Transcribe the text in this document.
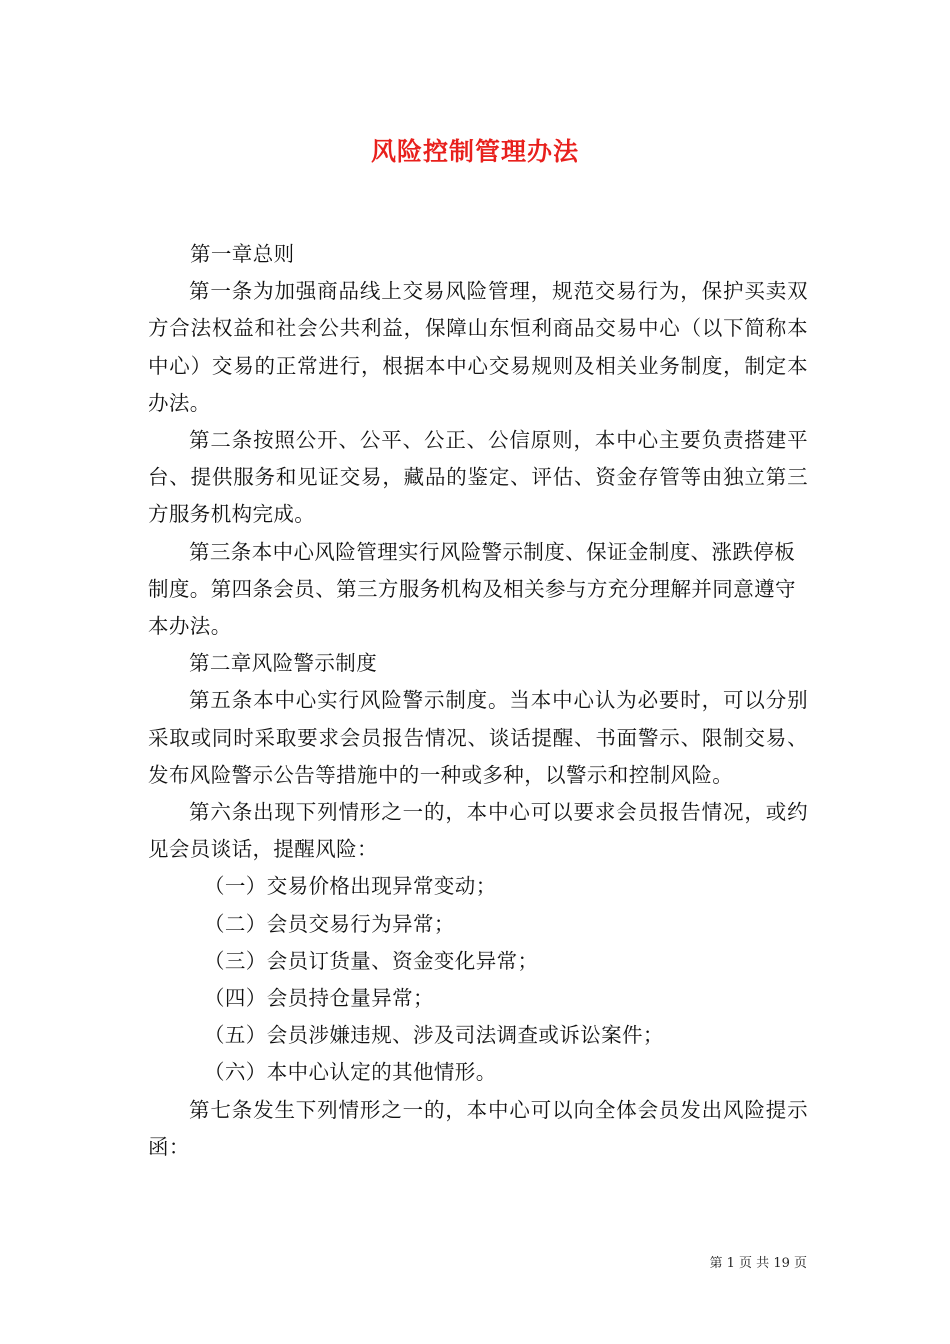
风险控制管理办法

第一章总则

第一条为加强商品线上交易风险管理，规范交易行为，保护买卖双方合法权益和社会公共利益，保障山东恒利商品交易中心（以下简称本中心）交易的正常进行，根据本中心交易规则及相关业务制度，制定本办法。

第二条按照公开、公平、公正、公信原则，本中心主要负责搭建平台、提供服务和见证交易，藏品的鉴定、评估、资金存管等由独立第三方服务机构完成。

第三条本中心风险管理实行风险警示制度、保证金制度、涨跌停板制度。第四条会员、第三方服务机构及相关参与方充分理解并同意遵守本办法。

第二章风险警示制度

第五条本中心实行风险警示制度。当本中心认为必要时，可以分别采取或同时采取要求会员报告情况、谈话提醒、书面警示、限制交易、发布风险警示公告等措施中的一种或多种，以警示和控制风险。

第六条出现下列情形之一的，本中心可以要求会员报告情况，或约见会员谈话，提醒风险：

（一）交易价格出现异常变动；

（二）会员交易行为异常；

（三）会员订货量、资金变化异常；

（四）会员持仓量异常；

（五）会员涉嫌违规、涉及司法调查或诉讼案件；

（六）本中心认定的其他情形。

第七条发生下列情形之一的，本中心可以向全体会员发出风险提示函：

第 1 页 共 19 页
